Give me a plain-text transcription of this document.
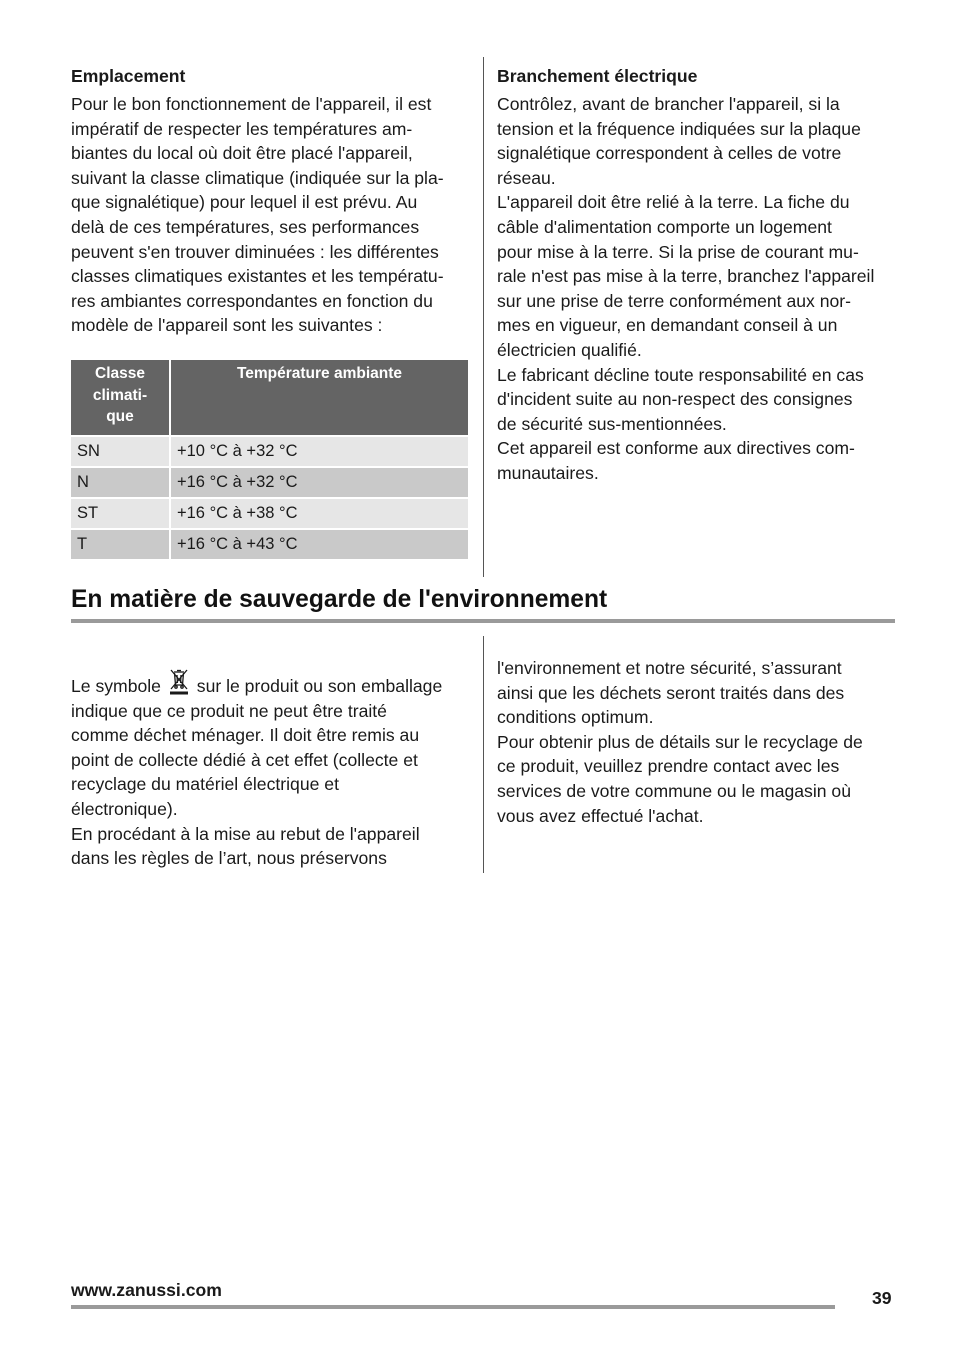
Emplacement

Pour le bon fonctionnement de l'appareil, il est

impératif de respecter les températures am-

biantes du local où doit être placé l'appareil,

suivant la classe climatique (indiquée sur la pla-

que signalétique) pour lequel il est prévu. Au

delà de ces températures, ses performances

peuvent s'en trouver diminuées : les différentes

classes climatiques existantes et les températu-

res ambiantes correspondantes en fonction du

modèle de l'appareil sont les suivantes :

Classe
climati-
que	Température ambiante
SN	+10 °C à +32 °C
N	+16 °C à +32 °C
ST	+16 °C à +38 °C
T	+16 °C à +43 °C
Branchement électrique

Contrôlez, avant de brancher l'appareil, si la

tension et la fréquence indiquées sur la plaque

signalétique correspondent à celles de votre

réseau.

L'appareil doit être relié à la terre. La fiche du

câble d'alimentation comporte un logement

pour mise à la terre. Si la prise de courant mu-

rale n'est pas mise à la terre, branchez l'appareil

sur une prise de terre conformément aux nor-

mes en vigueur, en demandant conseil à un

électricien qualifié.

Le fabricant décline toute responsabilité en cas

d'incident suite au non-respect des consignes

de sécurité sus-mentionnées.

Cet appareil est conforme aux directives com-

munautaires.

En matière de sauvegarde de l'environnement

Le symbole sur le produit ou son emballage

indique que ce produit ne peut être traité

comme déchet ménager. Il doit être remis au

point de collecte dédié à cet effet (collecte et

recyclage du matériel électrique et

électronique).

En procédant à la mise au rebut de l'appareil

dans les règles de l’art, nous préservons

l'environnement et notre sécurité, s’assurant

ainsi que les déchets seront traités dans des

conditions optimum.

Pour obtenir plus de détails sur le recyclage de

ce produit, veuillez prendre contact avec les

services de votre commune ou le magasin où

vous avez effectué l'achat.

www.zanussi.com	39
